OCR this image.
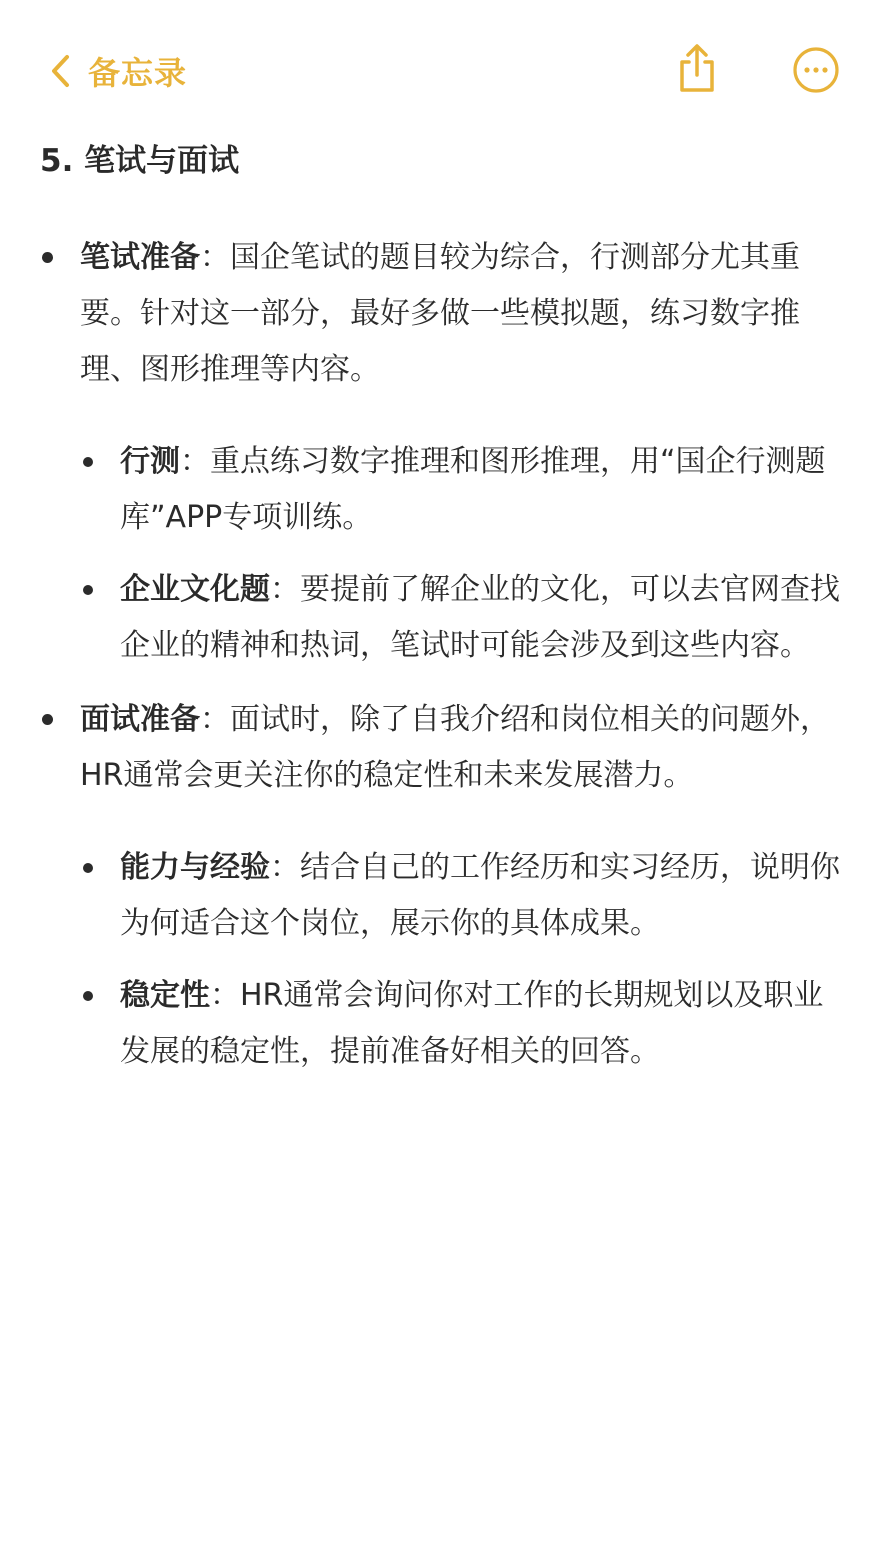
备忘录
5. 笔试与面试
笔试准备：国企笔试的题目较为综合，行测部分尤其重要。针对这一部分，最好多做一些模拟题，练习数字推理、图形推理等内容。
行测：重点练习数字推理和图形推理，用“国企行测题库”APP专项训练。
企业文化题：要提前了解企业的文化，可以去官网查找企业的精神和热词，笔试时可能会涉及到这些内容。
面试准备：面试时，除了自我介绍和岗位相关的问题外，HR通常会更关注你的稳定性和未来发展潜力。
能力与经验：结合自己的工作经历和实习经历，说明你为何适合这个岗位，展示你的具体成果。
稳定性：HR通常会询问你对工作的长期规划以及职业发展的稳定性，提前准备好相关的回答。
